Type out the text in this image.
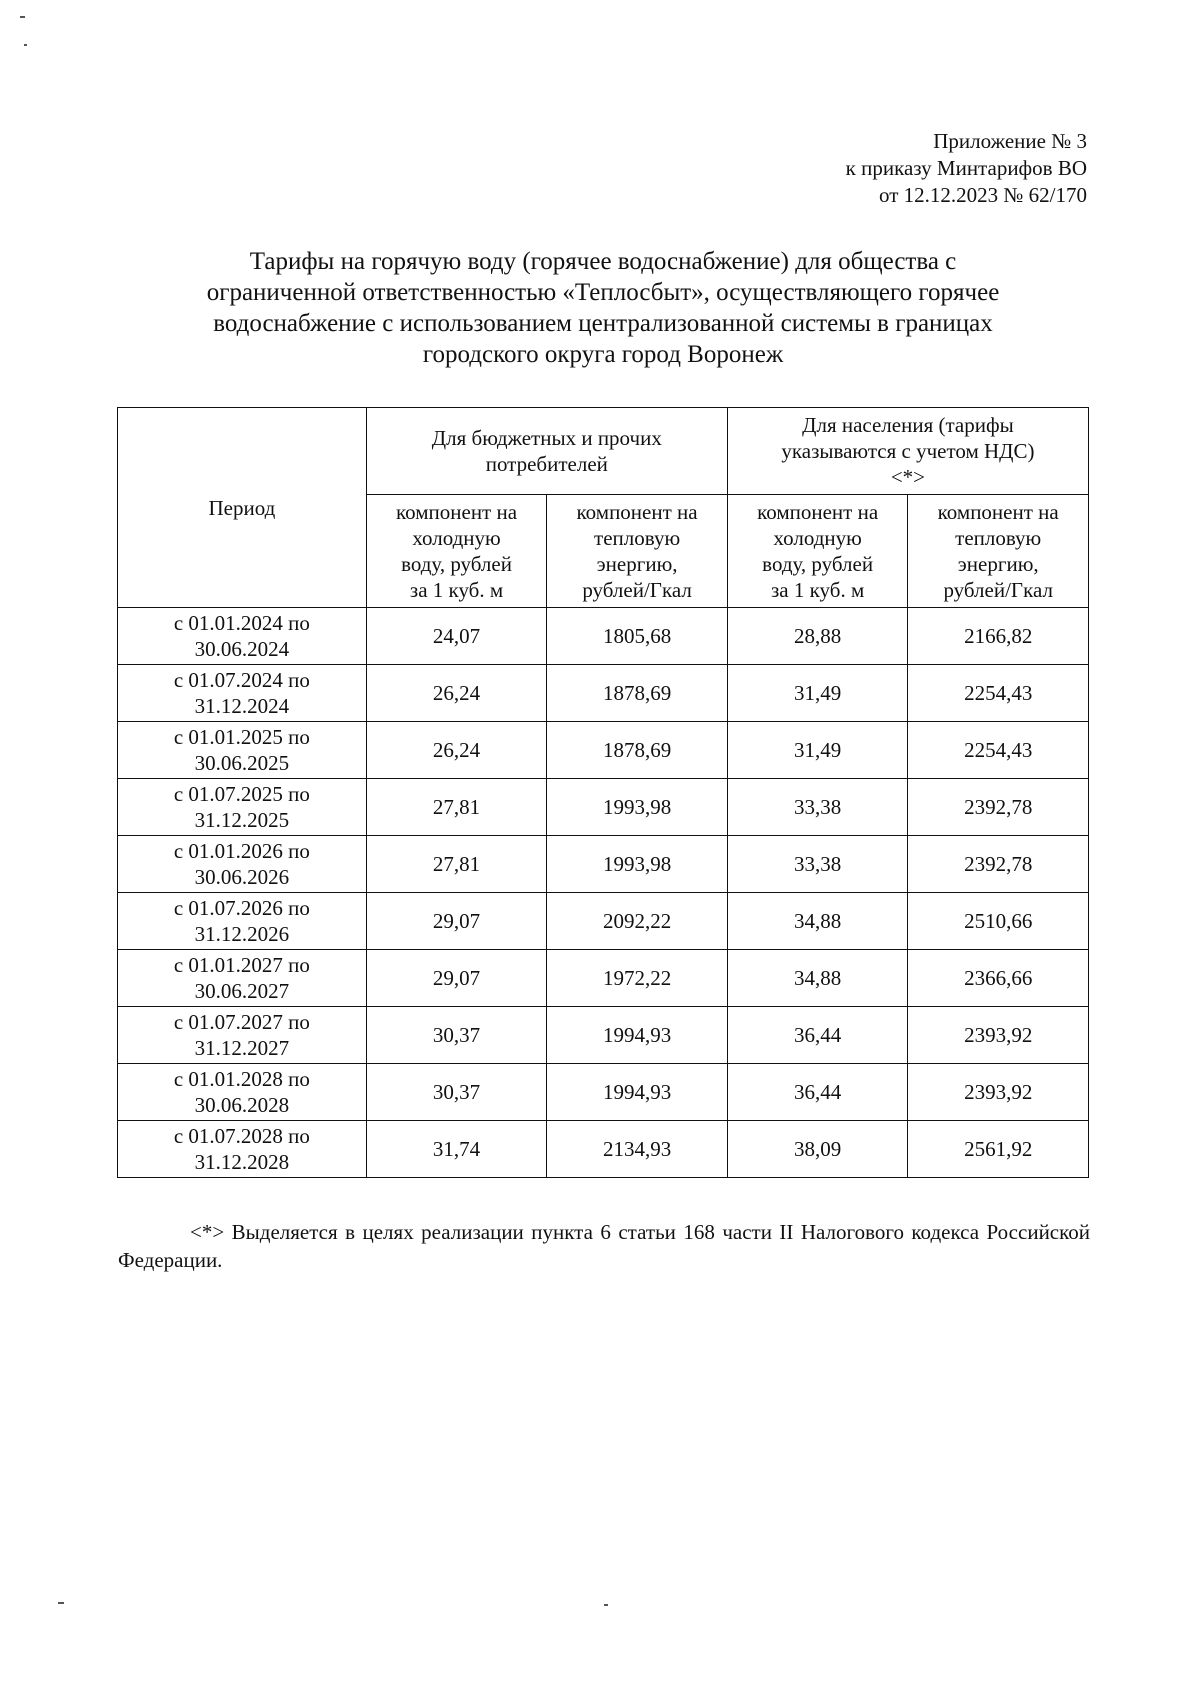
Приложение № 3
к приказу Минтарифов ВО
от 12.12.2023 № 62/170
Тарифы на горячую воду (горячее водоснабжение) для общества с
ограниченной ответственностью «Теплосбыт», осуществляющего горячее
водоснабжение с использованием централизованной системы в границах
городского округа город Воронеж
Период	Для бюджетных и прочих
потребителей		Для населения (тарифы
указываются с учетом НДС)
<*>	
	компонент на
холодную
воду, рублей
за 1 куб. м	компонент на
тепловую
энергию,
рублей/Гкал	компонент на
холодную
воду, рублей
за 1 куб. м	компонент на
тепловую
энергию,
рублей/Гкал

с 01.01.2024 по
30.06.2024	24,07	1805,68	28,88	2166,82

с 01.07.2024 по
31.12.2024	26,24	1878,69	31,49	2254,43

с 01.01.2025 по
30.06.2025	26,24	1878,69	31,49	2254,43

с 01.07.2025 по
31.12.2025	27,81	1993,98	33,38	2392,78

с 01.01.2026 по
30.06.2026	27,81	1993,98	33,38	2392,78

с 01.07.2026 по
31.12.2026	29,07	2092,22	34,88	2510,66

с 01.01.2027 по
30.06.2027	29,07	1972,22	34,88	2366,66

с 01.07.2027 по
31.12.2027	30,37	1994,93	36,44	2393,92

с 01.01.2028 по
30.06.2028	30,37	1994,93	36,44	2393,92

с 01.07.2028 по
31.12.2028	31,74	2134,93	38,09	2561,92
<*> Выделяется в целях реализации пункта 6 статьи 168 части II Налогового кодекса Российской Федерации.
